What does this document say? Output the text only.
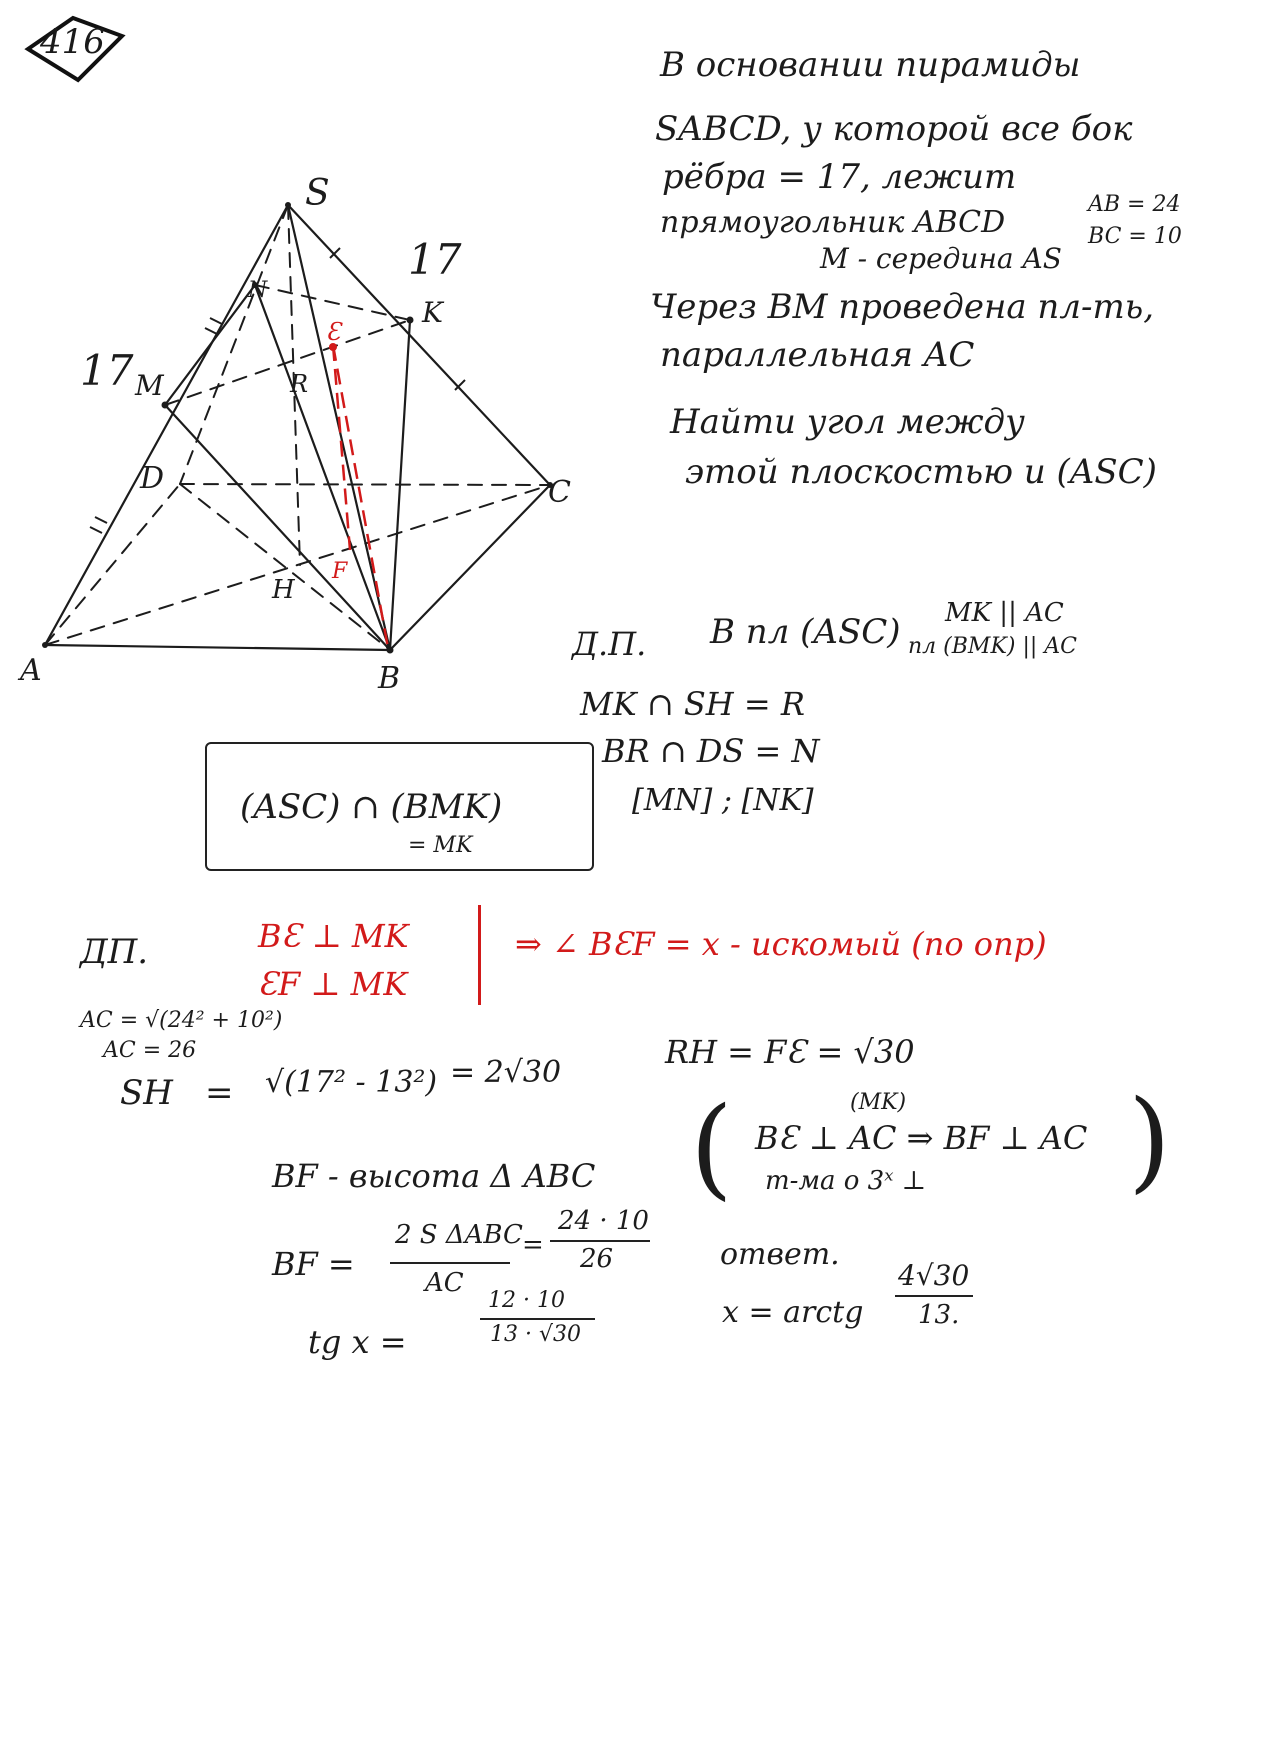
416
В основании пирамиды
SABCD, у которой все бок
рёбра = 17, лежит
прямоугольник ABCD
AB = 24
BC = 10
M - середина AS
Через BM проведена пл-ть,
параллельная AC
Найти угол между
этой плоскостью и (ASC)
S
A	B
C
D
M
K
N
R
H
17
17
Ɛ
F
Д.П. B пл (ASC) MK || AC
пл (BMK) || AC
MK ∩ SH = R
BR ∩ DS = N
[MN] ; [NK]
(ASC) ∩ (BMK)
= MK
ДП.	BƐ ⊥ MK
ƐF ⊥ MK
⇒ ∠ BƐF = x - искомый (по опр)
AC = √(24² + 10²)
AC = 26
SH = √(17² - 13²) = 2√30
RH = FƐ = √30
BF - высота Δ ABC (	)
(MK)
BƐ ⊥ AC ⇒ BF ⊥ AC
т-ма о 3ˣ ⊥
BF =
2 S ΔABC
AC
=
24 · 10
26
tg x =
12 · 10
13 · √30
ответ.
x = arctg
4√30
13.
